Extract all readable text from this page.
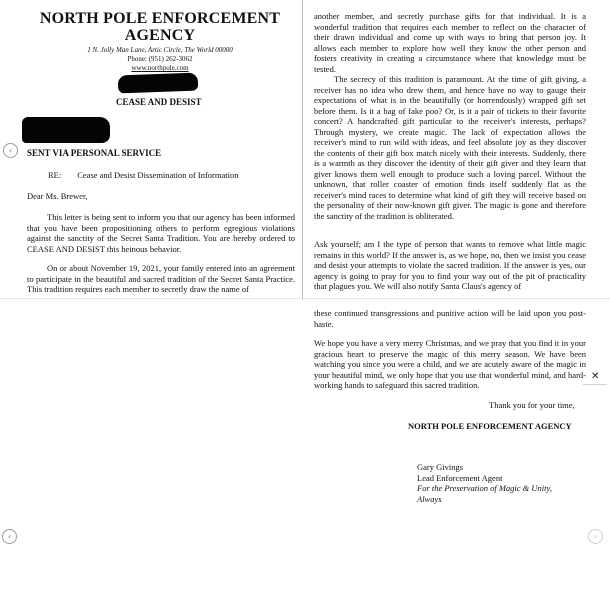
NORTH POLE ENFORCEMENT
AGENCY
1 N. Jolly Man Lane, Artic Circle, The World 00000
Phone: (951) 262-3062
www.northpole.com
CEASE AND DESIST
SENT VIA PERSONAL SERVICE
RE: Cease and Desist Dissemination of Information
Dear Ms. Brewer,
This letter is being sent to inform you that our agency has been informed that you have been propositioning others to perform egregious violations against the sanctity of the Secret Santa Tradition. You are hereby ordered to CEASE AND DESIST this heinous behavior.
On or about November 19, 2021, your family entered into an agreement to participate in the beautiful and sacred tradition of the Secret Santa Practice. This tradition requires each member to secretly draw the name of
another member, and secretly purchase gifts for that individual. It is a wonderful tradition that requires each member to reflect on the character of their drawn individual and come up with ways to bring that person joy. It allows each member to explore how well they know the other person and fosters creativity in creating a circumstance where that knowledge must be tested.
The secrecy of this tradition is paramount. At the time of gift giving, a receiver has no idea who drew them, and hence have no way to gauge their expectations of what is in the beautifully (or horrendously) wrapped gift set before them. Is it a bag of fake poo? Or, is it a pair of tickets to their favorite concert? A handcrafted gift particular to the receiver's interests, perhaps? Through mystery, we create magic. The lack of expectation allows the receiver's mind to run wild with ideas, and feel absolute joy as they discover the contents of their gift box match nicely with their interests. Suddenly, there is a warmth as they discover the identity of their gift giver and they learn that giver knows them well enough to produce such a loving parcel. Without the unknown, that roller coaster of emotion finds itself suddenly flat as the receiver's mind races to determine what kind of gift they will receive based on the personality of their now-known gift giver. The magic is gone and therefore the sanctity of the tradition is obliterated.
Ask yourself; am I the type of person that wants to remove what little magic remains in this world? If the answer is, as we hope, no, then we insist you cease and desist your attempts to violate the sacred tradition. If the answer is yes, our agency is going to pray for you to find your way out of the pit of practicality that plagues you. We will also notify Santa Claus's agency of
these continued transgressions and punitive action will be laid upon you post-haste.
We hope you have a very merry Christmas, and we pray that you find it in your gracious heart to preserve the magic of this merry season. We have been watching you since you were a child, and we are acutely aware of the magic in your beautiful mind, we only hope that you use that wonderful mind, and hard-working hands to safeguard this sacred tradition.
Thank you for your time,
NORTH POLE ENFORCEMENT AGENCY
Gary Givings
Lead Enforcement Agent
For the Preservation of Magic & Unity, Always
‹
‹	›
✕
